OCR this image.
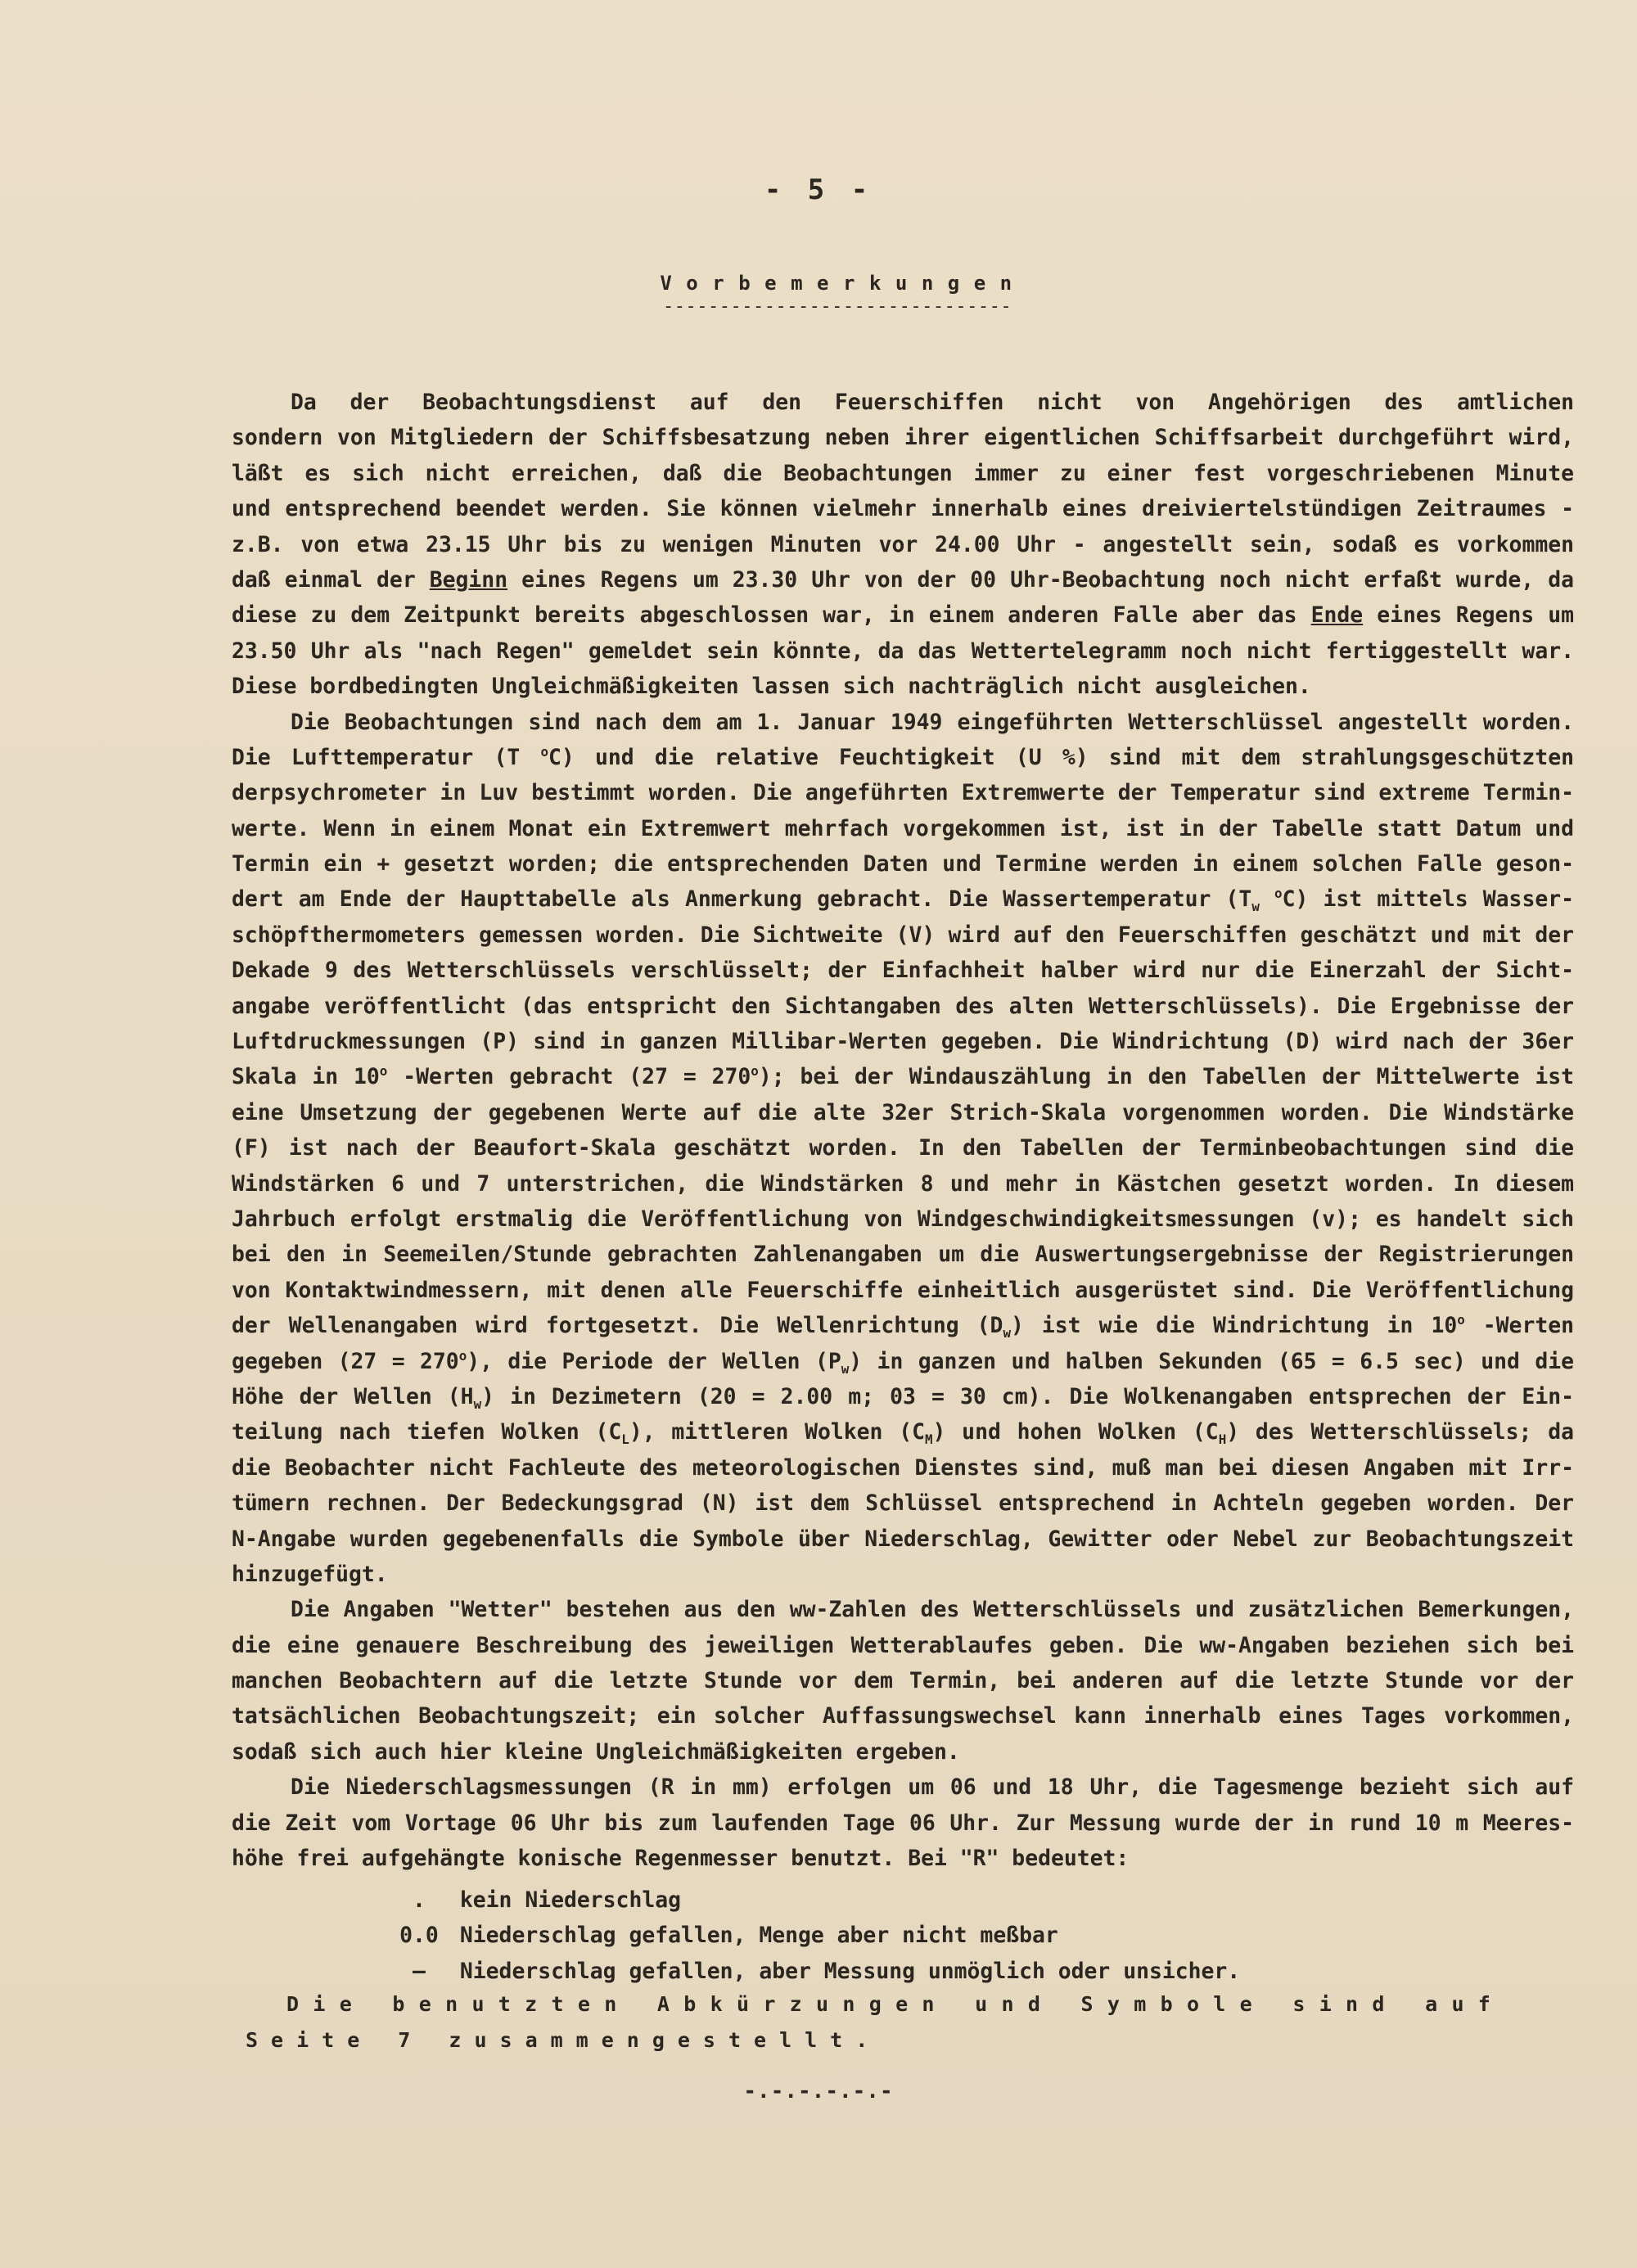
- 5 -
Vorbemerkungen
-------------------------------
Da der Beobachtungsdienst auf den Feuerschiffen nicht von Angehörigen des amtlichen
sondern von Mitgliedern der Schiffsbesatzung neben ihrer eigentlichen Schiffsarbeit durchgeführt wird,
läßt es sich nicht erreichen, daß die Beobachtungen immer zu einer fest vorgeschriebenen Minute
und entsprechend beendet werden. Sie können vielmehr innerhalb eines dreiviertelstündigen Zeitraumes -
z.B. von etwa 23.15 Uhr bis zu wenigen Minuten vor 24.00 Uhr - angestellt sein, sodaß es vorkommen
daß einmal der Beginn eines Regens um 23.30 Uhr von der 00 Uhr-Beobachtung noch nicht erfaßt wurde, da
diese zu dem Zeitpunkt bereits abgeschlossen war, in einem anderen Falle aber das Ende eines Regens um
23.50 Uhr als "nach Regen" gemeldet sein könnte, da das Wettertelegramm noch nicht fertiggestellt war.
Diese bordbedingten Ungleichmäßigkeiten lassen sich nachträglich nicht ausgleichen.
Die Beobachtungen sind nach dem am 1. Januar 1949 eingeführten Wetterschlüssel angestellt worden.
Die Lufttemperatur (T $^o$C) und die relative Feuchtigkeit (U %) sind mit dem strahlungsgeschützten
derpsychrometer in Luv bestimmt worden. Die angeführten Extremwerte der Temperatur sind extreme Termin-
werte. Wenn in einem Monat ein Extremwert mehrfach vorgekommen ist, ist in der Tabelle statt Datum und
Termin ein + gesetzt worden; die entsprechenden Daten und Termine werden in einem solchen Falle geson-
dert am Ende der Haupttabelle als Anmerkung gebracht. Die Wassertemperatur ($T_w$ $^o$C) ist mittels Wasser-
schöpfthermometers gemessen worden. Die Sichtweite (V) wird auf den Feuerschiffen geschätzt und mit der
Dekade 9 des Wetterschlüssels verschlüsselt; der Einfachheit halber wird nur die Einerzahl der Sicht-
angabe veröffentlicht (das entspricht den Sichtangaben des alten Wetterschlüssels). Die Ergebnisse der
Luftdruckmessungen (P) sind in ganzen Millibar-Werten gegeben. Die Windrichtung (D) wird nach der 36er
Skala in 10$^o$ -Werten gebracht $(27 = 270^o)$; bei der Windauszählung in den Tabellen der Mittelwerte ist
eine Umsetzung der gegebenen Werte auf die alte 32er Strich-Skala vorgenommen worden. Die Windstärke
(F) ist nach der Beaufort-Skala geschätzt worden. In den Tabellen der Terminbeobachtungen sind die
Windstärken 6 und 7 unterstrichen, die Windstärken 8 und mehr in Kästchen gesetzt worden. In diesem
Jahrbuch erfolgt erstmalig die Veröffentlichung von Windgeschwindigkeitsmessungen (v); es handelt sich
bei den in Seemeilen/Stunde gebrachten Zahlenangaben um die Auswertungsergebnisse der Registrierungen
von Kontaktwindmessern, mit denen alle Feuerschiffe einheitlich ausgerüstet sind. Die Veröffentlichung
der Wellenangaben wird fortgesetzt. Die Wellenrichtung $(D_w)$ ist wie die Windrichtung in 10$^o$ -Werten
gegeben $(27 = 270^o)$, die Periode der Wellen $(P_w)$ in ganzen und halben Sekunden (65 = 6.5 sec) und die
Höhe der Wellen $(H_w)$ in Dezimetern (20 = 2.00 m; 03 = 30 cm). Die Wolkenangaben entsprechen der Ein-
teilung nach tiefen Wolken $(C_L)$, mittleren Wolken $(C_M)$ und hohen Wolken $(C_H)$ des Wetterschlüssels; da
die Beobachter nicht Fachleute des meteorologischen Dienstes sind, muß man bei diesen Angaben mit Irr-
tümern rechnen. Der Bedeckungsgrad (N) ist dem Schlüssel entsprechend in Achteln gegeben worden. Der
N-Angabe wurden gegebenenfalls die Symbole über Niederschlag, Gewitter oder Nebel zur Beobachtungszeit
hinzugefügt.
Die Angaben "Wetter" bestehen aus den ww-Zahlen des Wetterschlüssels und zusätzlichen Bemerkungen,
die eine genauere Beschreibung des jeweiligen Wetterablaufes geben. Die ww-Angaben beziehen sich bei
manchen Beobachtern auf die letzte Stunde vor dem Termin, bei anderen auf die letzte Stunde vor der
tatsächlichen Beobachtungszeit; ein solcher Auffassungswechsel kann innerhalb eines Tages vorkommen,
sodaß sich auch hier kleine Ungleichmäßigkeiten ergeben.
Die Niederschlagsmessungen (R in mm) erfolgen um 06 und 18 Uhr, die Tagesmenge bezieht sich auf
die Zeit vom Vortage 06 Uhr bis zum laufenden Tage 06 Uhr. Zur Messung wurde der in rund 10 m Meeres-
höhe frei aufgehängte konische Regenmesser benutzt. Bei "R" bedeutet:
. kein Niederschlag
0.0 Niederschlag gefallen, Menge aber nicht meßbar
— Niederschlag gefallen, aber Messung unmöglich oder unsicher.
Die benutzten Abkürzungen und Symbole sind auf
Seite 7 zusammengestellt.
-.-.-.-.-.-
